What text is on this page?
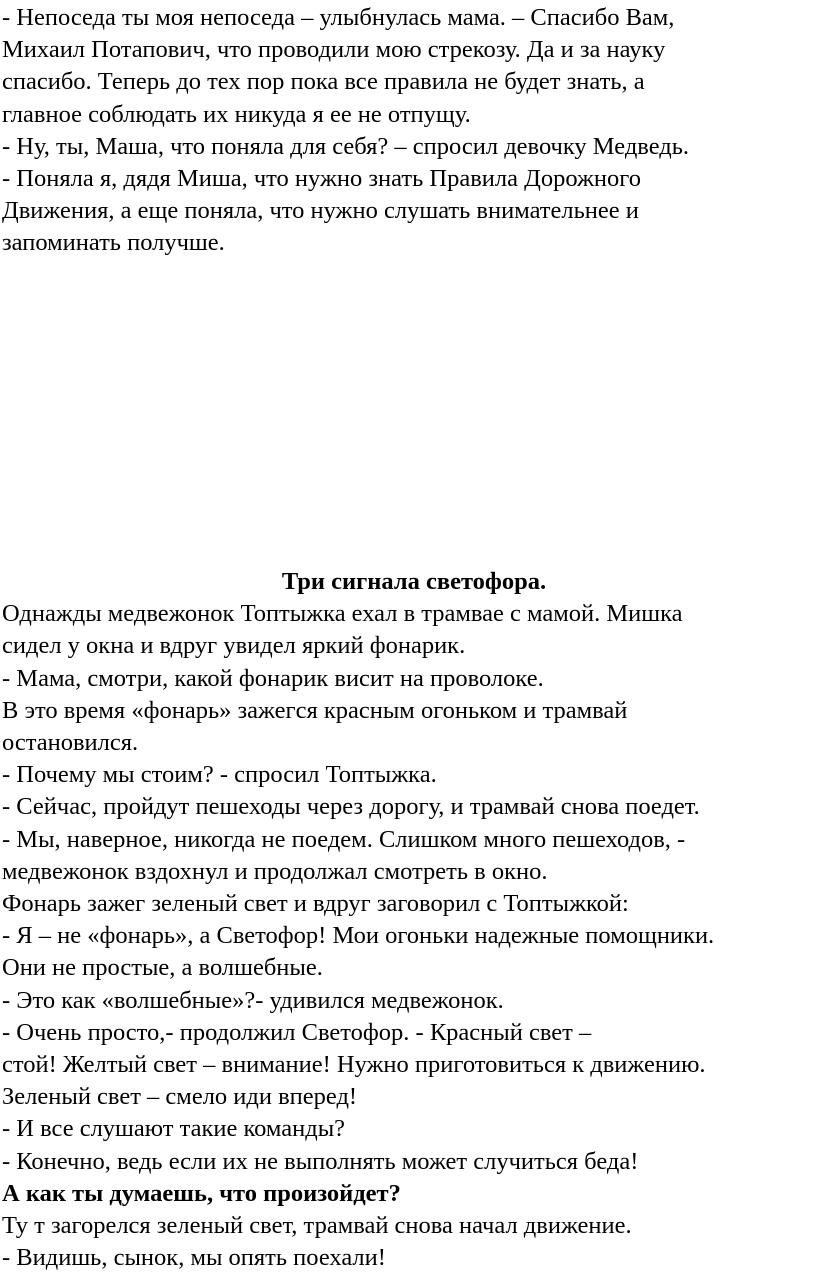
- Непоседа ты моя непоседа – улыбнулась мама. – Спасибо Вам,
Михаил Потапович, что проводили мою стрекозу. Да и за науку
спасибо. Теперь до тех пор пока все правила не будет знать, а
главное соблюдать их никуда я ее не отпущу.
- Ну, ты, Маша, что поняла для себя? – спросил девочку Медведь.
- Поняла я, дядя Миша, что нужно знать Правила Дорожного
Движения, а еще поняла, что нужно слушать внимательнее и
запоминать получше.
Три сигнала светофора.
Однажды медвежонок Топтыжка ехал в трамвае с мамой. Мишка
сидел у окна и вдруг увидел яркий фонарик.
- Мама, смотри, какой фонарик висит на проволоке.
В это время «фонарь» зажегся красным огоньком и трамвай
остановился.
- Почему мы стоим? - спросил Топтыжка.
- Сейчас, пройдут пешеходы через дорогу, и трамвай снова поедет.
- Мы, наверное, никогда не поедем. Слишком много пешеходов, -
медвежонок вздохнул и продолжал смотреть в окно.
Фонарь зажег зеленый свет и вдруг заговорил с Топтыжкой:
- Я – не «фонарь», а Светофор! Мои огоньки надежные помощники.
Они не простые, а волшебные.
- Это как «волшебные»?- удивился медвежонок.
- Очень просто,- продолжил Светофор. - Красный свет –
стой! Желтый свет – внимание! Нужно приготовиться к движению.
Зеленый свет – смело иди вперед!
- И все слушают такие команды?
- Конечно, ведь если их не выполнять может случиться беда!
А как ты думаешь, что произойдет?
Ту т загорелся зеленый свет, трамвай снова начал движение.
- Видишь, сынок, мы опять поехали!
